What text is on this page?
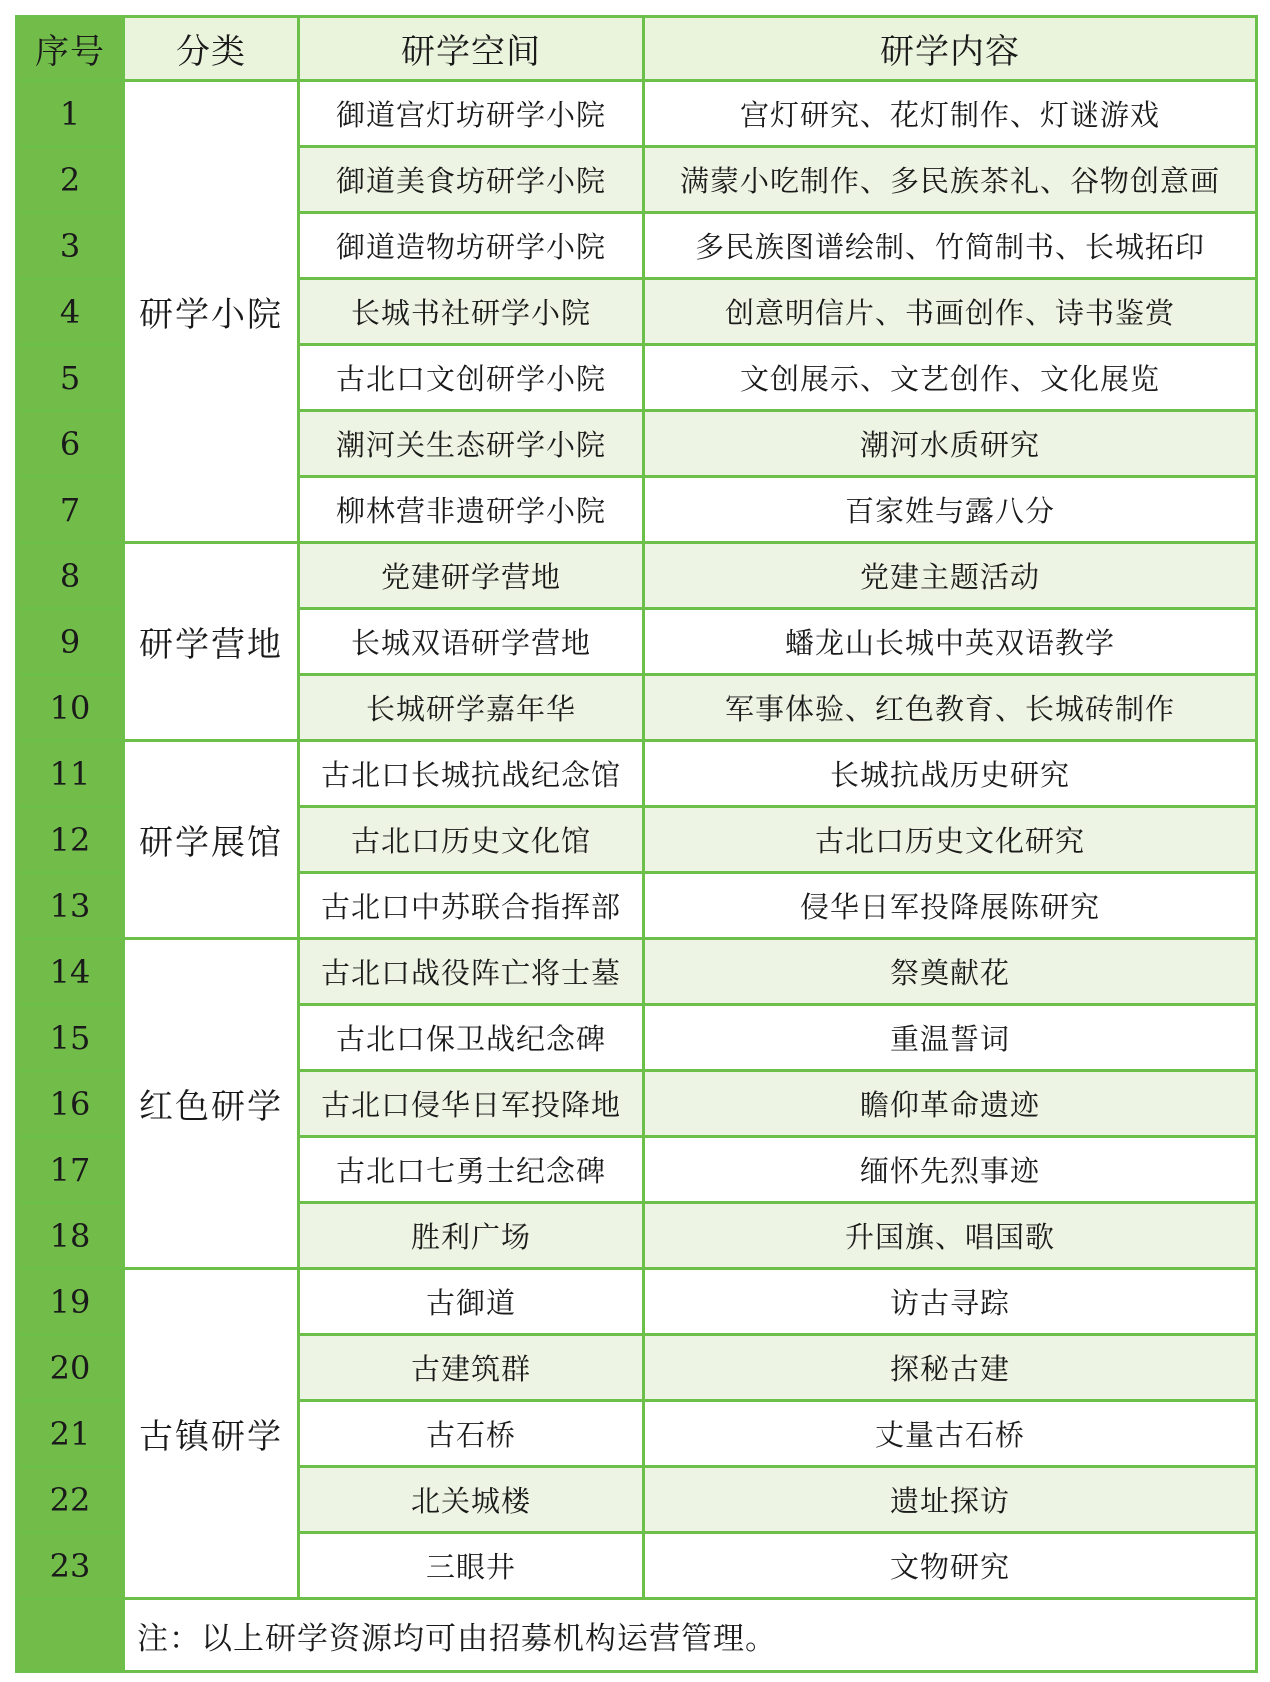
序号	分类	研学空间	研学内容
1	研学小院	御道宫灯坊研学小院	宫灯研究、花灯制作、灯谜游戏
2		御道美食坊研学小院	满蒙小吃制作、多民族茶礼、谷物创意画
3		御道造物坊研学小院	多民族图谱绘制、竹简制书、长城拓印
4		长城书社研学小院	创意明信片、书画创作、诗书鉴赏
5		古北口文创研学小院	文创展示、文艺创作、文化展览
6		潮河关生态研学小院	潮河水质研究
7		柳林营非遗研学小院	百家姓与露八分
8	研学营地	党建研学营地	党建主题活动
9		长城双语研学营地	蟠龙山长城中英双语教学
10		长城研学嘉年华	军事体验、红色教育、长城砖制作
11	研学展馆	古北口长城抗战纪念馆	长城抗战历史研究
12		古北口历史文化馆	古北口历史文化研究
13		古北口中苏联合指挥部	侵华日军投降展陈研究
14	红色研学	古北口战役阵亡将士墓	祭奠献花
15		古北口保卫战纪念碑	重温誓词
16		古北口侵华日军投降地	瞻仰革命遗迹
17		古北口七勇士纪念碑	缅怀先烈事迹
18		胜利广场	升国旗、唱国歌
19	古镇研学	古御道	访古寻踪
20		古建筑群	探秘古建
21		古石桥	丈量古石桥
22		北关城楼	遗址探访
23		三眼井	文物研究
	注：以上研学资源均可由招募机构运营管理。		
